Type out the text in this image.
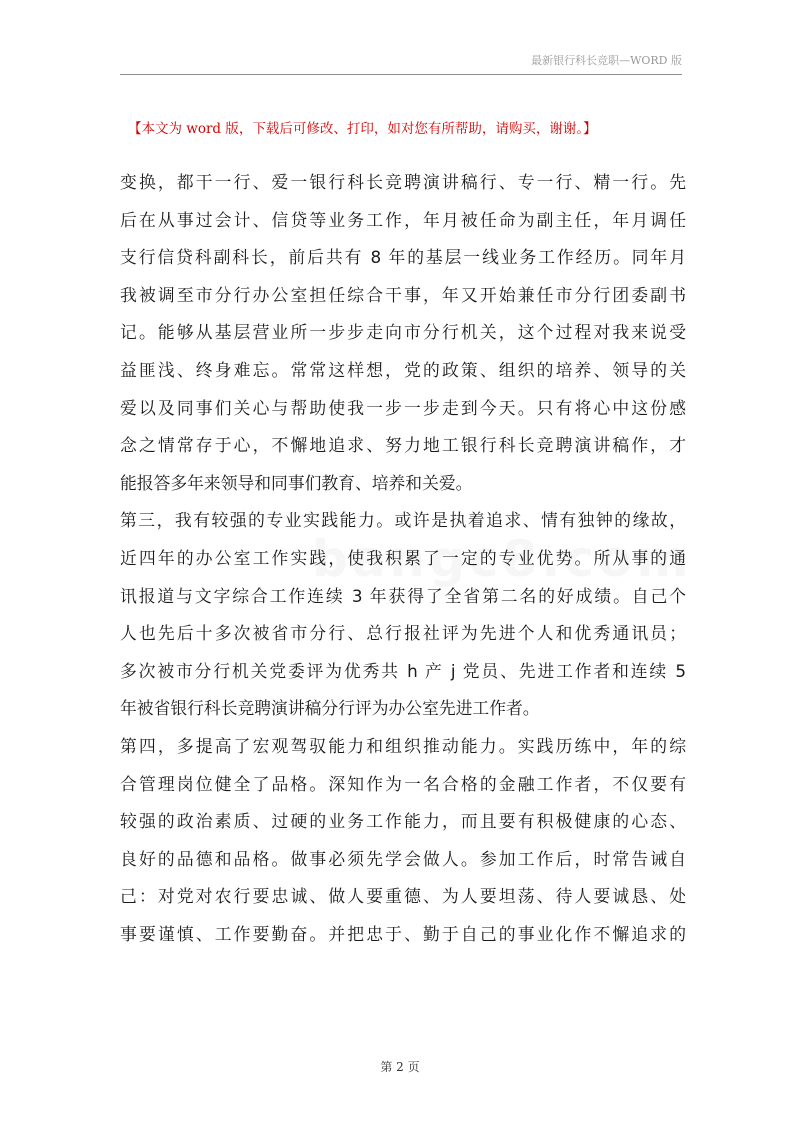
最新银行科长竞职—WORD 版
【本文为 word 版，下载后可修改、打印，如对您有所帮助，请购买，谢谢。】
变换，都干一行、爱一银行科长竞聘演讲稿行、专一行、精一行。先
后在从事过会计、信贷等业务工作，年月被任命为副主任，年月调任
支行信贷科副科长，前后共有 8 年的基层一线业务工作经历。同年月
我被调至市分行办公室担任综合干事，年又开始兼任市分行团委副书
记。能够从基层营业所一步步走向市分行机关，这个过程对我来说受
益匪浅、终身难忘。常常这样想，党的政策、组织的培养、领导的关
爱以及同事们关心与帮助使我一步一步走到今天。只有将心中这份感
念之情常存于心，不懈地追求、努力地工银行科长竞聘演讲稿作，才
能报答多年来领导和同事们教育、培养和关爱。
第三，我有较强的专业实践能力。或许是执着追求、情有独钟的缘故，
近四年的办公室工作实践，使我积累了一定的专业优势。所从事的通
讯报道与文字综合工作连续 3 年获得了全省第二名的好成绩。自己个
人也先后十多次被省市分行、总行报社评为先进个人和优秀通讯员；
多次被市分行机关党委评为优秀共 h 产 j 党员、先进工作者和连续 5
年被省银行科长竞聘演讲稿分行评为办公室先进工作者。
第四，多提高了宏观驾驭能力和组织推动能力。实践历练中，年的综
合管理岗位健全了品格。深知作为一名合格的金融工作者，不仅要有
较强的政治素质、过硬的业务工作能力，而且要有积极健康的心态、
良好的品德和品格。做事必须先学会做人。参加工作后，时常告诫自
己：对党对农行要忠诚、做人要重德、为人要坦荡、待人要诚恳、处
事要谨慎、工作要勤奋。并把忠于、勤于自己的事业化作不懈追求的
第 2 页
